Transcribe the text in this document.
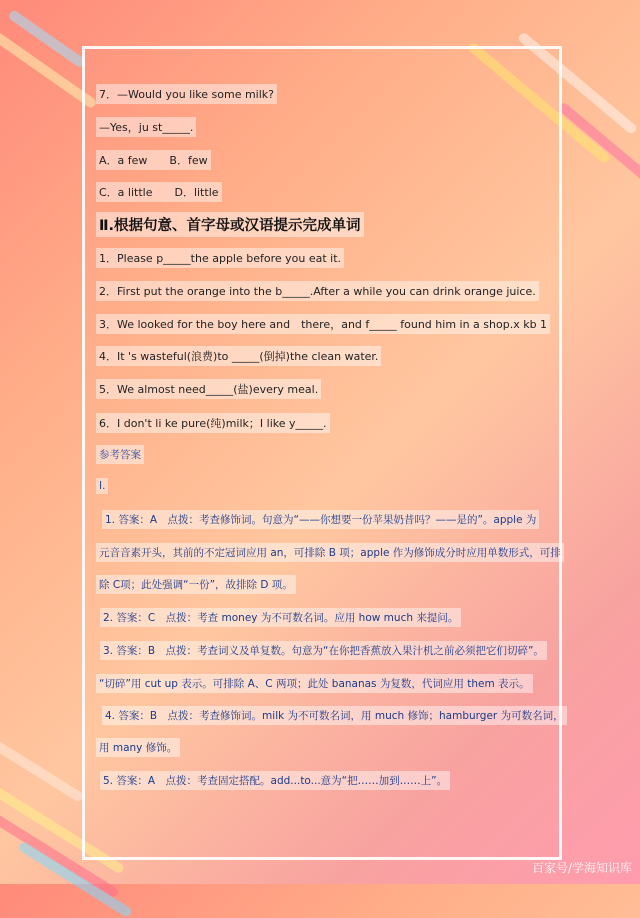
7．—Would you like some milk?
—Yes，ju st_____.
A．a few　　B．few
C．a little　　D．little
Ⅱ.根据句意、首字母或汉语提示完成单词
1．Please p_____the apple before you eat it.
2．First put the orange into the b_____.After a while you can drink orange juice.
3．We looked for the boy here and　there，and f_____ found him in a shop.x kb 1
4．It 's wasteful(浪费)to _____(倒掉)the clean water.
5．We almost need_____(盐)every meal.
6．I don't li ke pure(纯)milk；I like y_____.
参考答案
Ⅰ.
1. 答案：A　点拨：考查修饰词。句意为“——你想要一份苹果奶昔吗？——是的”。apple 为
元音音素开头，其前的不定冠词应用 an，可排除 B 项；apple 作为修饰成分时应用单数形式，可排
除 C项；此处强调“一份”，故排除 D 项。
2. 答案：C　点拨：考查 money 为不可数名词。应用 how much 来提问。
3. 答案：B　点拨：考查词义及单复数。句意为“在你把香蕉放入果汁机之前必须把它们切碎”。
“切碎”用 cut up 表示。可排除 A、C 两项；此处 bananas 为复数，代词应用 them 表示。
4. 答案：B　点拨：考查修饰词。milk 为不可数名词，用 much 修饰；hamburger 为可数名词，
用 many 修饰。
5. 答案：A　点拨：考查固定搭配。add...to...意为“把……加到……上”。
百家号/学海知识库
